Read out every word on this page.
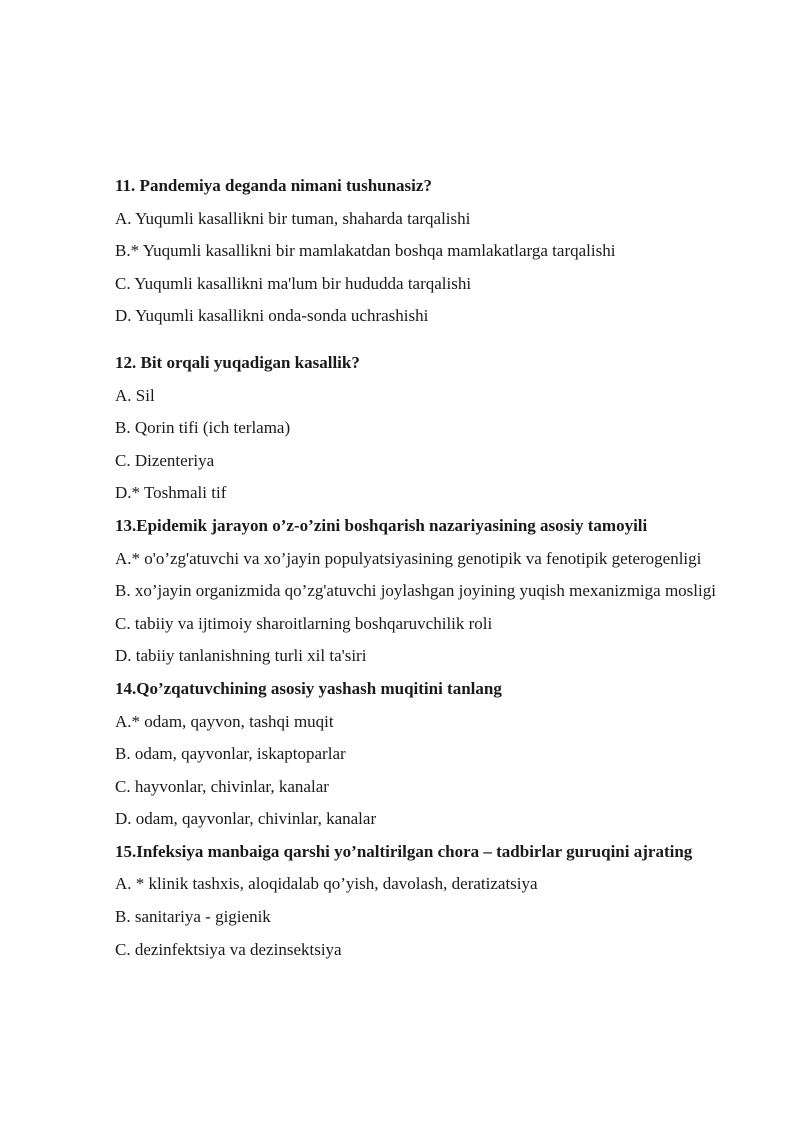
11. Pandemiya deganda nimani tushunasiz?

A. Yuqumli kasallikni bir tuman, shaharda tarqalishi

B.* Yuqumli kasallikni bir mamlakatdan boshqa mamlakatlarga tarqalishi

C. Yuqumli kasallikni ma'lum bir hududda tarqalishi

D. Yuqumli kasallikni onda-sonda uchrashishi

12. Bit orqali yuqadigan kasallik?

A. Sil

B. Qorin tifi (ich terlama)

C. Dizenteriya

D.* Toshmali tif

13.Epidemik jarayon o’z-o’zini boshqarish nazariyasining asosiy tamoyili

A.* o'o’zg'atuvchi va xo’jayin populyatsiyasining genotipik va fenotipik geterogenligi

B. xo’jayin organizmida qo’zg'atuvchi joylashgan joyining yuqish mexanizmiga mosligi

C. tabiiy va ijtimoiy sharoitlarning boshqaruvchilik roli

D. tabiiy tanlanishning turli xil ta'siri

14.Qo’zqatuvchining asosiy yashash muqitini tanlang

A.* odam, qayvon, tashqi muqit

B. odam, qayvonlar, iskaptoparlar

C. hayvonlar, chivinlar, kanalar

D. odam, qayvonlar, chivinlar, kanalar

15.Infeksiya manbaiga qarshi yo’naltirilgan chora – tadbirlar guruqini ajrating

A. * klinik tashxis, aloqidalab qo’yish, davolash, deratizatsiya

B. sanitariya - gigienik

C. dezinfektsiya va dezinsektsiya
